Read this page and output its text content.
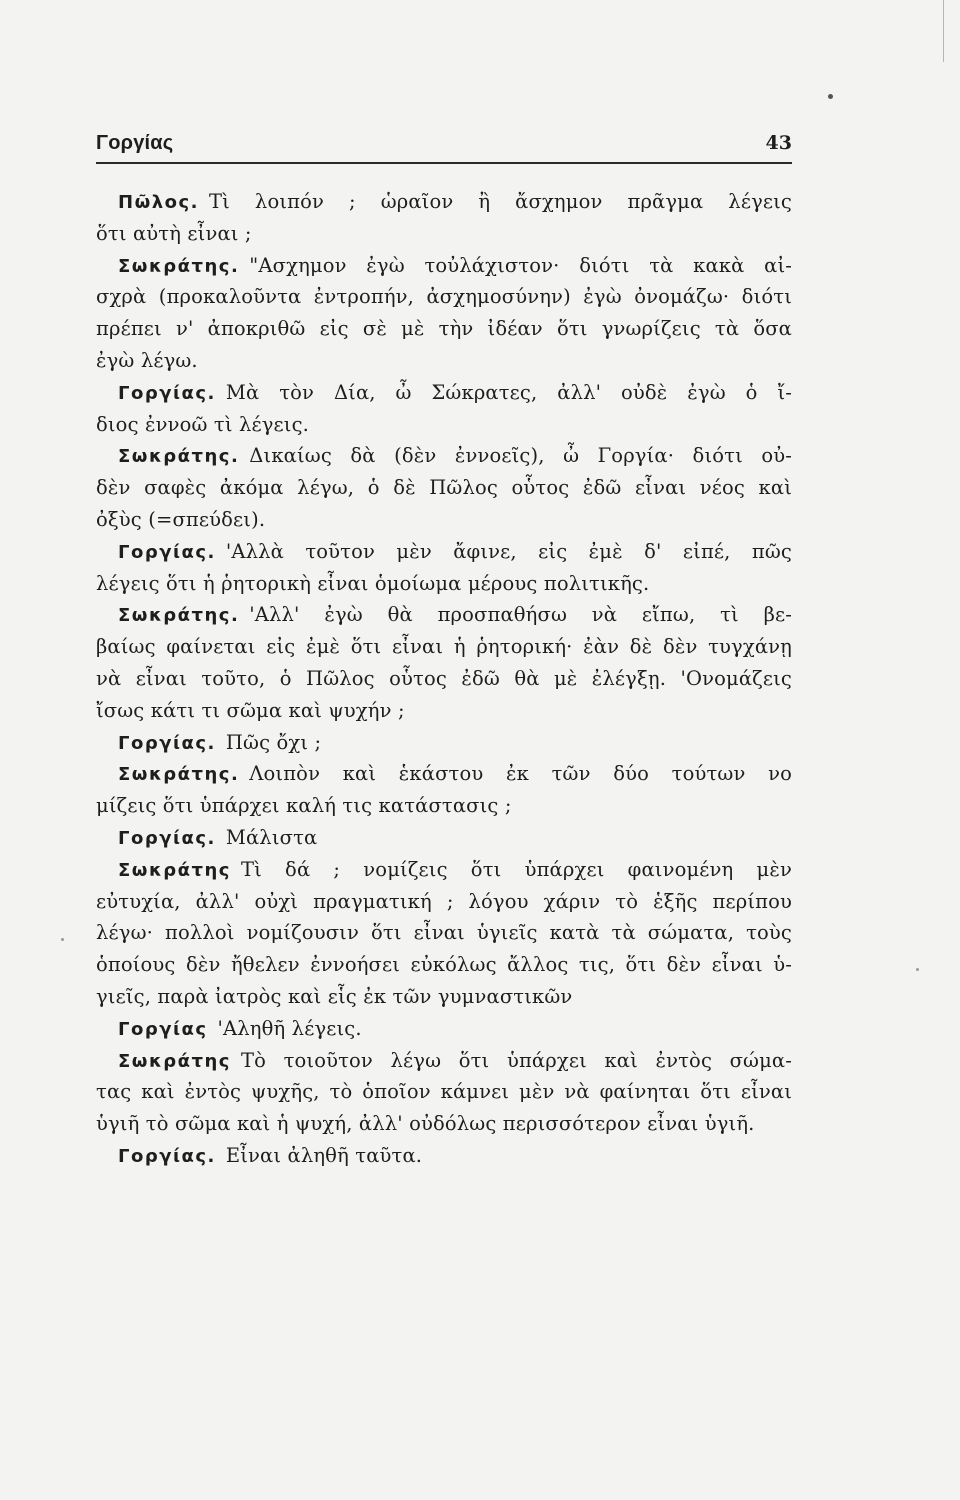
Γοργίας	43
Πῶλος. Τὶ λοιπόν ; ὡραῖον ἢ ἄσχημον πρᾶγμα λέγεις
ὅτι αὐτὴ εἶναι ;
Σωκράτης. "Ασχημον ἐγὼ τοὐλάχιστον· διότι τὰ κακὰ αἰ-
σχρὰ (προκαλοῦντα ἐντροπήν, ἀσχημοσύνην) ἐγὼ ὀνομάζω· διότι
πρέπει ν' ἀποκριθῶ εἰς σὲ μὲ τὴν ἰδέαν ὅτι γνωρίζεις τὰ ὅσα
ἐγὼ λέγω.
Γοργίας. Μὰ τὸν Δία, ὦ Σώκρατες, ἀλλ' οὐδὲ ἐγὼ ὁ ἴ-
διος ἐννοῶ τὶ λέγεις.
Σωκράτης. Δικαίως δὰ (δὲν ἐννοεῖς), ὦ Γοργία· διότι οὐ-
δὲν σαφὲς ἀκόμα λέγω, ὁ δὲ Πῶλος οὗτος ἐδῶ εἶναι νέος καὶ
ὀξὺς (=σπεύδει).
Γοργίας. 'Αλλὰ τοῦτον μὲν ἄφινε, εἰς ἐμὲ δ' εἰπέ, πῶς
λέγεις ὅτι ἡ ῥητορικὴ εἶναι ὁμοίωμα μέρους πολιτικῆς.
Σωκράτης. 'Αλλ' ἐγὼ θὰ προσπαθήσω νὰ εἴπω, τὶ βε-
βαίως φαίνεται εἰς ἐμὲ ὅτι εἶναι ἡ ῥητορική· ἐὰν δὲ δὲν τυγχάνῃ
νὰ εἶναι τοῦτο, ὁ Πῶλος οὗτος ἐδῶ θὰ μὲ ἐλέγξῃ. 'Ονομάζεις
ἴσως κάτι τι σῶμα καὶ ψυχήν ;
Γοργίας. Πῶς ὄχι ;
Σωκράτης. Λοιπὸν καὶ ἑκάστου ἐκ τῶν δύο τούτων νο
μίζεις ὅτι ὑπάρχει καλή τις κατάστασις ;
Γοργίας. Μάλιστα
Σωκράτης Τὶ δά ; νομίζεις ὅτι ὑπάρχει φαινομένη μὲν
εὐτυχία, ἀλλ' οὐχὶ πραγματική ; λόγου χάριν τὸ ἑξῆς περίπου
λέγω· πολλοὶ νομίζουσιν ὅτι εἶναι ὑγιεῖς κατὰ τὰ σώματα, τοὺς
ὁποίους δὲν ἤθελεν ἐννοήσει εὐκόλως ἄλλος τις, ὅτι δὲν εἶναι ὑ-
γιεῖς, παρὰ ἰατρὸς καὶ εἷς ἐκ τῶν γυμναστικῶν
Γοργίας 'Αληθῆ λέγεις.
Σωκράτης Τὸ τοιοῦτον λέγω ὅτι ὑπάρχει καὶ ἐντὸς σώμα-
τας καὶ ἐντὸς ψυχῆς, τὸ ὁποῖον κάμνει μὲν νὰ φαίνηται ὅτι εἶναι
ὑγιῆ τὸ σῶμα καὶ ἡ ψυχή, ἀλλ' οὐδόλως περισσότερον εἶναι ὑγιῆ.
Γοργίας. Εἶναι ἀληθῆ ταῦτα.
